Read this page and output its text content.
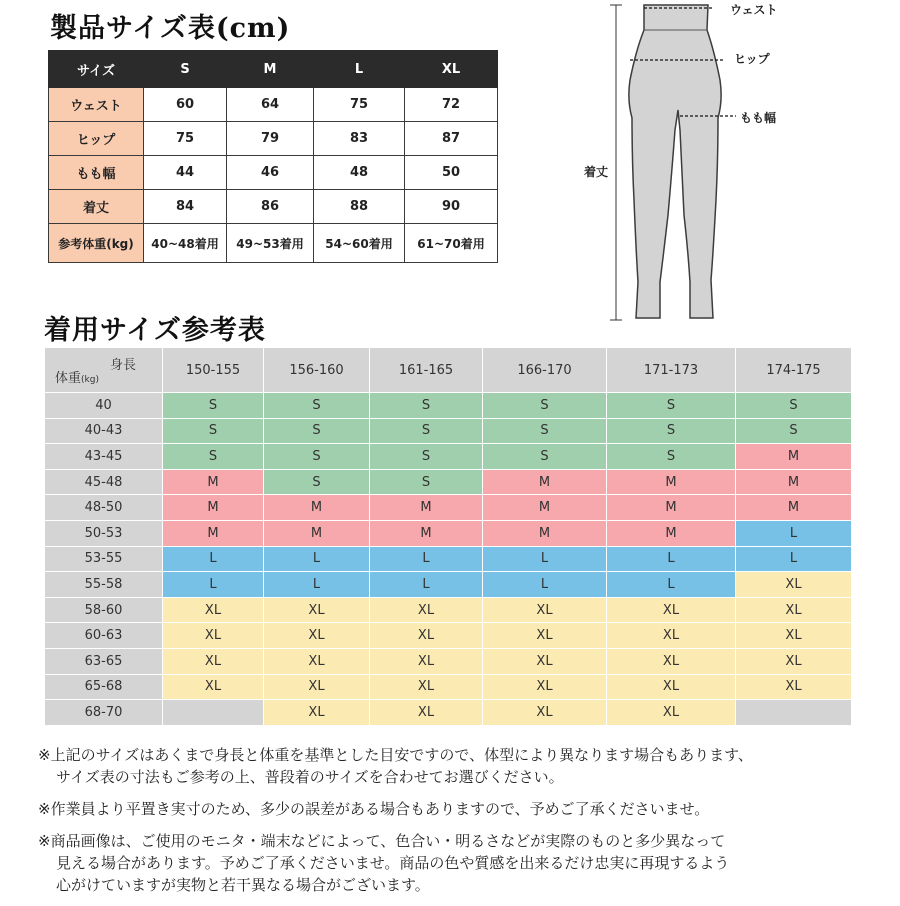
製品サイズ表(cm)
サイズ	S	M	L	XL
ウェスト	60	64	75	72
ヒップ	75	79	83	87
もも幅	44	46	48	50
着丈	84	86	88	90
参考体重(kg)	40~48着用	49~53着用	54~60着用	61~70着用
ウェスト
ヒップ
もも幅
着丈
着用サイズ参考表
身長
体重(kg)	150-155	156-160	161-165	166-170	171-173	174-175
40	S	S	S	S	S	S
40-43	S	S	S	S	S	S
43-45	S	S	S	S	S	M
45-48	M	S	S	M	M	M
48-50	M	M	M	M	M	M
50-53	M	M	M	M	M	L
53-55	L	L	L	L	L	L
55-58	L	L	L	L	L	XL
58-60	XL	XL	XL	XL	XL	XL
60-63	XL	XL	XL	XL	XL	XL
63-65	XL	XL	XL	XL	XL	XL
65-68	XL	XL	XL	XL	XL	XL
68-70		XL	XL	XL	XL	

※上記のサイズはあくまで身長と体重を基準とした目安ですので、体型により異なります場合もあります、
サイズ表の寸法もご参考の上、普段着のサイズを合わせてお選びください。

※作業員より平置き実寸のため、多少の誤差がある場合もありますので、予めご了承くださいませ。

※商品画像は、ご使用のモニタ・端末などによって、色合い・明るさなどが実際のものと多少異なって
見える場合があります。予めご了承くださいませ。商品の色や質感を出来るだけ忠実に再現するよう
心がけていますが実物と若干異なる場合がございます。
